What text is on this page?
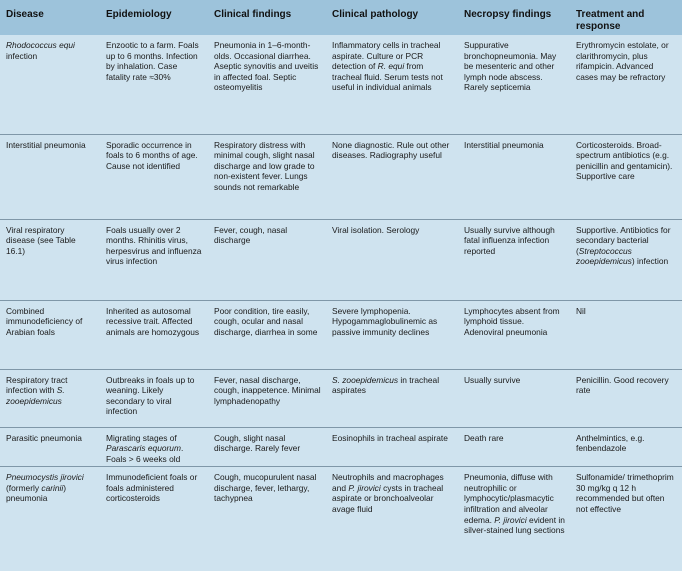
Disease	Epidemiology	Clinical findings	Clinical pathology	Necropsy findings	Treatment and response
Rhodococcus equi infection	Enzootic to a farm. Foals up to 6 months. Infection by inhalation. Case fatality rate ≈30%	Pneumonia in 1–6-month-olds. Occasional diarrhea. Aseptic synovitis and uveitis in affected foal. Septic osteomyelitis	Inflammatory cells in tracheal aspirate. Culture or PCR detection of R. equi from tracheal fluid. Serum tests not useful in individual animals	Suppurative bronchopneumonia. May be mesenteric and other lymph node abscess. Rarely septicemia	Erythromycin estolate, or clarithromycin, plus rifampicin. Advanced cases may be refractory
Interstitial pneumonia	Sporadic occurrence in foals to 6 months of age. Cause not identified	Respiratory distress with minimal cough, slight nasal discharge and low grade to non-existent fever. Lungs sounds not remarkable	None diagnostic. Rule out other diseases. Radiography useful	Interstitial pneumonia	Corticosteroids. Broad-spectrum antibiotics (e.g. penicillin and gentamicin). Supportive care
Viral respiratory disease (see Table 16.1)	Foals usually over 2 months. Rhinitis virus, herpesvirus and influenza virus infection	Fever, cough, nasal discharge	Viral isolation. Serology	Usually survive although fatal influenza infection reported	Supportive. Antibiotics for secondary bacterial (Streptococcus zooepidemicus) infection
Combined immunodeficiency of Arabian foals	Inherited as autosomal recessive trait. Affected animals are homozygous	Poor condition, tire easily, cough, ocular and nasal discharge, diarrhea in some	Severe lymphopenia. Hypogammaglobulinemic as passive immunity declines	Lymphocytes absent from lymphoid tissue. Adenoviral pneumonia	Nil
Respiratory tract infection with S. zooepidemicus	Outbreaks in foals up to weaning. Likely secondary to viral infection	Fever, nasal discharge, cough, inappetence. Minimal lymphadenopathy	S. zooepidemicus in tracheal aspirates	Usually survive	Penicillin. Good recovery rate
Parasitic pneumonia	Migrating stages of Parascaris equorum. Foals > 6 weeks old	Cough, slight nasal discharge. Rarely fever	Eosinophils in tracheal aspirate	Death rare	Anthelmintics, e.g. fenbendazole
Pneumocystis jirovici (formerly carinii) pneumonia	Immunodeficient foals or foals administered corticosteroids	Cough, mucopurulent nasal discharge, fever, lethargy, tachypnea	Neutrophils and macrophages and P. jirovici cysts in tracheal aspirate or bronchoalveolar avage fluid	Pneumonia, diffuse with neutrophilic or lymphocytic/plasmacytic infiltration and alveolar edema. P. jirovici evident in silver-stained lung sections	Sulfonamide/ trimethoprim 30 mg/kg q 12 h recommended but often not effective
